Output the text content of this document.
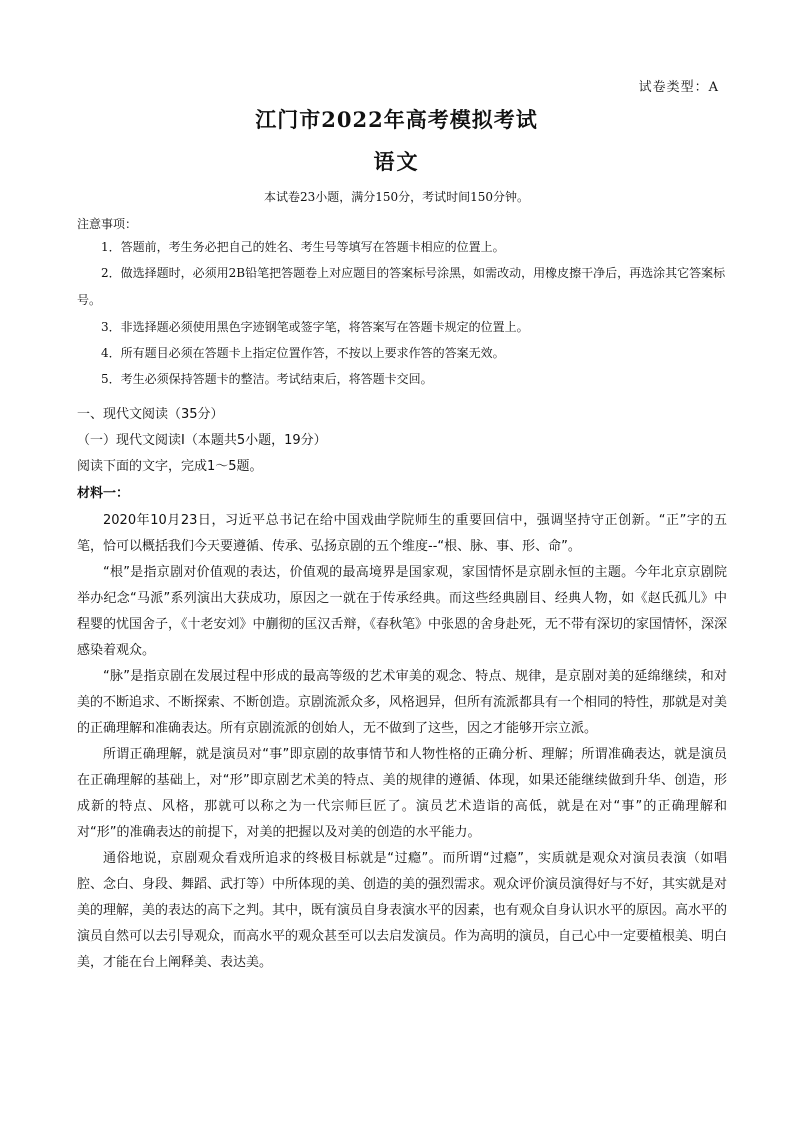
试卷类型：A
江门市2022年高考模拟考试
语文
本试卷23小题，满分150分，考试时间150分钟。
注意事项：
1．答题前，考生务必把自己的姓名、考生号等填写在答题卡相应的位置上。
2．做选择题时，必须用2B铅笔把答题卷上对应题目的答案标号涂黑，如需改动，用橡皮擦干净后，再选涂其它答案标号。
3．非选择题必须使用黑色字迹钢笔或签字笔，将答案写在答题卡规定的位置上。
4．所有题目必须在答题卡上指定位置作答，不按以上要求作答的答案无效。
5．考生必须保持答题卡的整洁。考试结束后，将答题卡交回。
一、现代文阅读（35分）
（一）现代文阅读Ⅰ（本题共5小题，19分）
阅读下面的文字，完成1～5题。
材料一：

2020年10月23日，习近平总书记在给中国戏曲学院师生的重要回信中，强调坚持守正创新。“正”字的五笔，恰可以概括我们今天要遵循、传承、弘扬京剧的五个维度--“根、脉、事、形、命”。

“根”是指京剧对价值观的表达，价值观的最高境界是国家观，家国情怀是京剧永恒的主题。今年北京京剧院举办纪念“马派”系列演出大获成功，原因之一就在于传承经典。而这些经典剧目、经典人物，如《赵氏孤儿》中程婴的忧国舍子，《十老安刘》中蒯彻的匡汉舌辩，《春秋笔》中张恩的舍身赴死，无不带有深切的家国情怀，深深感染着观众。

“脉”是指京剧在发展过程中形成的最高等级的艺术审美的观念、特点、规律，是京剧对美的延绵继续，和对美的不断追求、不断探索、不断创造。京剧流派众多，风格迥异，但所有流派都具有一个相同的特性，那就是对美的正确理解和准确表达。所有京剧流派的创始人，无不做到了这些，因之才能够开宗立派。

所谓正确理解，就是演员对“事”即京剧的故事情节和人物性格的正确分析、理解；所谓准确表达，就是演员在正确理解的基础上，对“形”即京剧艺术美的特点、美的规律的遵循、体现，如果还能继续做到升华、创造，形成新的特点、风格，那就可以称之为一代宗师巨匠了。演员艺术造诣的高低，就是在对“事”的正确理解和对“形”的准确表达的前提下，对美的把握以及对美的创造的水平能力。

通俗地说，京剧观众看戏所追求的终极目标就是“过瘾”。而所谓“过瘾”，实质就是观众对演员表演（如唱腔、念白、身段、舞蹈、武打等）中所体现的美、创造的美的强烈需求。观众评价演员演得好与不好，其实就是对美的理解，美的表达的高下之判。其中，既有演员自身表演水平的因素，也有观众自身认识水平的原因。高水平的演员自然可以去引导观众，而高水平的观众甚至可以去启发演员。作为高明的演员，自己心中一定要植根美、明白美，才能在台上阐释美、表达美。
